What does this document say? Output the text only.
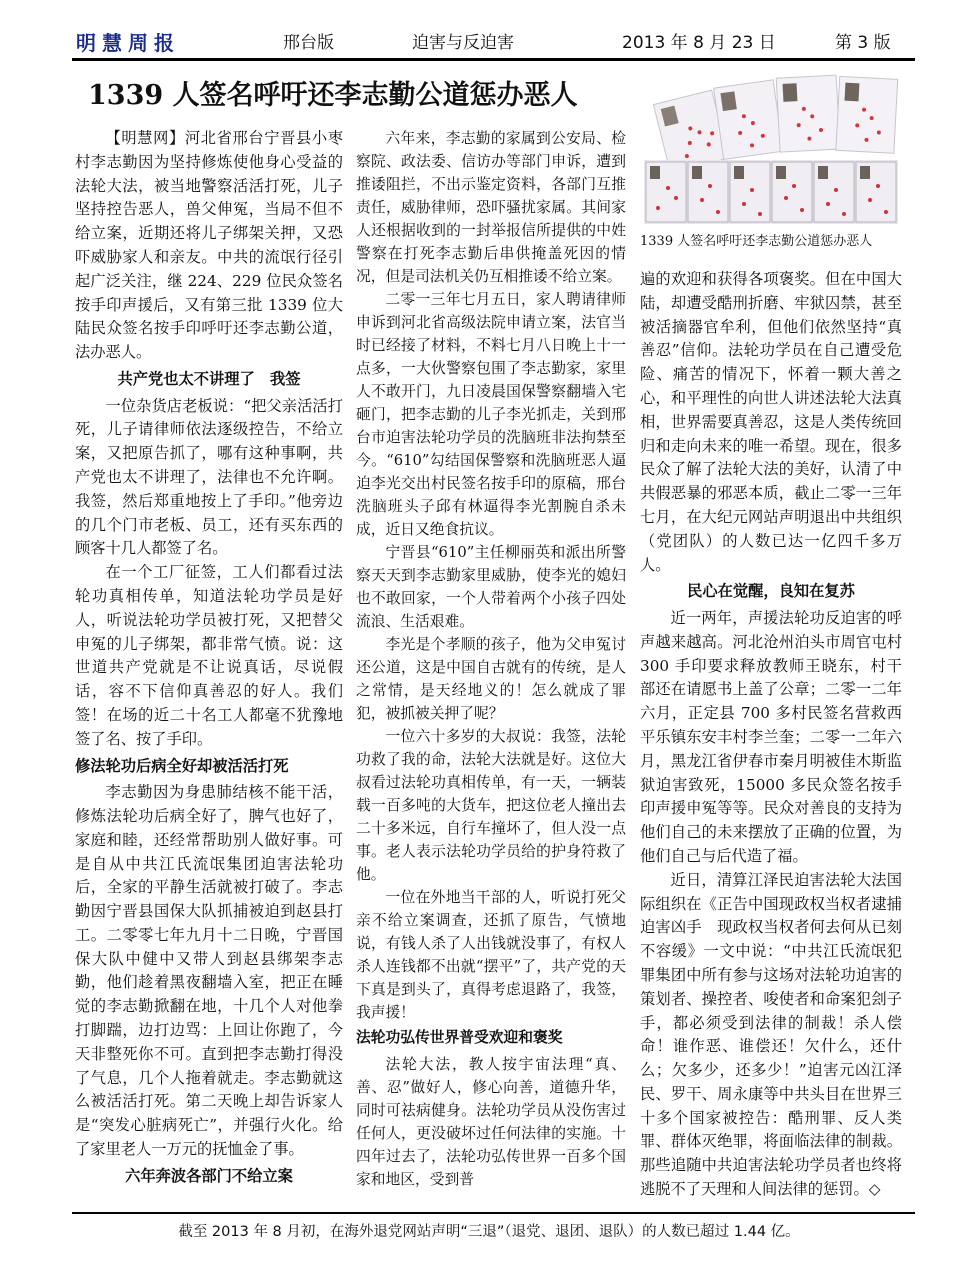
明慧周报	邢台版	迫害与反迫害	2013 年 8 月 23 日	第 3 版
1339 人签名呼吁还李志勤公道惩办恶人
1339 人签名呼吁还李志勤公道惩办恶人

【明慧网】河北省邢台宁晋县小枣村李志勤因为坚持修炼使他身心受益的法轮大法，被当地警察活活打死，儿子坚持控告恶人，兽父伸冤，当局不但不给立案，近期还将儿子绑架关押，又恐吓威胁家人和亲友。中共的流氓行径引起广泛关注，继 224、229 位民众签名按手印声援后，又有第三批 1339 位大陆民众签名按手印呼吁还李志勤公道，法办恶人。

共产党也太不讲理了　我签

一位杂货店老板说：“把父亲活活打死，儿子请律师依法逐级控告，不给立案，又把原告抓了，哪有这种事啊，共产党也太不讲理了，法律也不允许啊。我签，然后郑重地按上了手印。”他旁边的几个门市老板、员工，还有买东西的顾客十几人都签了名。

在一个工厂征签，工人们都看过法轮功真相传单，知道法轮功学员是好人，听说法轮功学员被打死，又把替父申冤的儿子绑架，都非常气愤。说：这世道共产党就是不让说真话，尽说假话，容不下信仰真善忍的好人。我们签！在场的近二十名工人都毫不犹豫地签了名、按了手印。

修法轮功后病全好却被活活打死

李志勤因为身患肺结核不能干活，修炼法轮功后病全好了，脾气也好了，家庭和睦，还经常帮助别人做好事。可是自从中共江氏流氓集团迫害法轮功后，全家的平静生活就被打破了。李志勤因宁晋县国保大队抓捕被迫到赵县打工。二零零七年九月十二日晚，宁晋国保大队中健中又带人到赵县绑架李志勤，他们趁着黑夜翻墙入室，把正在睡觉的李志勤掀翻在地，十几个人对他拳打脚踹，边打边骂：上回让你跑了，今天非整死你不可。直到把李志勤打得没了气息，几个人拖着就走。李志勤就这么被活活打死。第二天晚上却告诉家人是“突发心脏病死亡”，并强行火化。给了家里老人一万元的抚恤金了事。

六年奔波各部门不给立案

六年来，李志勤的家属到公安局、检察院、政法委、信访办等部门申诉，遭到推诿阻拦，不出示鉴定资料，各部门互推责任，威胁律师，恐吓骚扰家属。其间家人还根据收到的一封举报信所提供的中姓警察在打死李志勤后串供掩盖死因的情况，但是司法机关仍互相推诿不给立案。

二零一三年七月五日，家人聘请律师申诉到河北省高级法院申请立案，法官当时已经接了材料，不料七月八日晚上十一点多，一大伙警察包围了李志勤家，家里人不敢开门，九日凌晨国保警察翻墙入宅砸门，把李志勤的儿子李光抓走，关到邢台市迫害法轮功学员的洗脑班非法拘禁至今。“610”勾结国保警察和洗脑班恶人逼迫李光交出村民签名按手印的原稿，邢台洗脑班头子邱有林逼得李光割腕自杀未成，近日又绝食抗议。

宁晋县“610”主任柳丽英和派出所警察天天到李志勤家里威胁，使李光的媳妇也不敢回家，一个人带着两个小孩子四处流浪、生活艰难。

李光是个孝顺的孩子，他为父申冤讨还公道，这是中国自古就有的传统，是人之常情，是天经地义的！怎么就成了罪犯，被抓被关押了呢？

一位六十多岁的大叔说：我签，法轮功救了我的命，法轮大法就是好。这位大叔看过法轮功真相传单，有一天，一辆装载一百多吨的大货车，把这位老人撞出去二十多米远，自行车撞坏了，但人没一点事。老人表示法轮功学员给的护身符救了他。

一位在外地当干部的人，听说打死父亲不给立案调查，还抓了原告，气愤地说，有钱人杀了人出钱就没事了，有权人杀人连钱都不出就“摆平”了，共产党的天下真是到头了，真得考虑退路了，我签，我声援！

法轮功弘传世界普受欢迎和褒奖

法轮大法，教人按宇宙法理“真、善、忍”做好人，修心向善，道德升华，同时可祛病健身。法轮功学员从没伤害过任何人，更没破坏过任何法律的实施。十四年过去了，法轮功弘传世界一百多个国家和地区，受到普

遍的欢迎和获得各项褒奖。但在中国大陆，却遭受酷刑折磨、牢狱囚禁，甚至被活摘器官牟利，但他们依然坚持“真善忍”信仰。法轮功学员在自己遭受危险、痛苦的情况下，怀着一颗大善之心，和平理性的向世人讲述法轮大法真相，世界需要真善忍，这是人类传统回归和走向未来的唯一希望。现在，很多民众了解了法轮大法的美好，认清了中共假恶暴的邪恶本质，截止二零一三年七月，在大纪元网站声明退出中共组织（党团队）的人数已达一亿四千多万人。

民心在觉醒，良知在复苏

近一两年，声援法轮功反迫害的呼声越来越高。河北沧州泊头市周官屯村 300 手印要求释放教师王晓东，村干部还在请愿书上盖了公章；二零一二年六月，正定县 700 多村民签名营救西平乐镇东安丰村李兰奎；二零一二年六月，黑龙江省伊春市秦月明被佳木斯监狱迫害致死，15000 多民众签名按手印声援申冤等等。民众对善良的支持为他们自己的未来摆放了正确的位置，为他们自己与后代造了福。

近日，清算江泽民迫害法轮大法国际组织在《正告中国现政权当权者逮捕迫害凶手　现政权当权者何去何从已刻不容缓》一文中说：“中共江氏流氓犯罪集团中所有参与这场对法轮功迫害的策划者、操控者、唆使者和命案犯刽子手，都必须受到法律的制裁！杀人偿命！谁作恶、谁偿还！欠什么，还什么；欠多少，还多少！”迫害元凶江泽民、罗干、周永康等中共头目在世界三十多个国家被控告：酷刑罪、反人类罪、群体灭绝罪，将面临法律的制裁。那些追随中共迫害法轮功学员者也终将逃脱不了天理和人间法律的惩罚。◇

截至 2013 年 8 月初，在海外退党网站声明“三退”（退党、退团、退队）的人数已超过 1.44 亿。
